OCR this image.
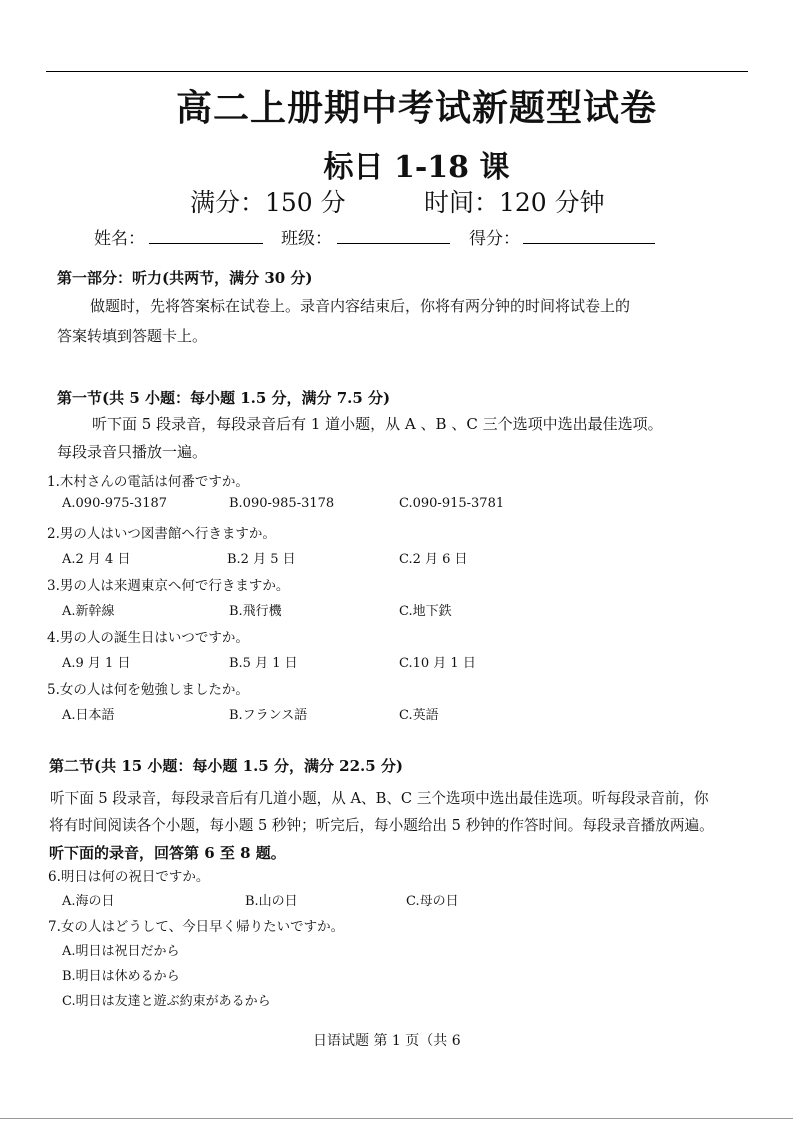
高二上册期中考试新题型试卷
标日 1-18 课
满分：150 分	时间：120 分钟
姓名：	班级：	得分：
第一部分：听力(共两节，满分 30 分)
做题时，先将答案标在试卷上。录音内容结束后，你将有两分钟的时间将试卷上的
答案转填到答题卡上。
第一节(共 5 小题：每小题 1.5 分，满分 7.5 分)
听下面 5 段录音，每段录音后有 1 道小题，从 A 、B 、C 三个选项中选出最佳选项。
每段录音只播放一遍。
1.木村さんの電話は何番ですか。
A.090-975-3187	B.090-985-3178	C.090-915-3781
2.男の人はいつ図書館へ行きますか。
A.2 月 4 日	B.2 月 5 日	C.2 月 6 日
3.男の人は来週東京へ何で行きますか。
A.新幹線	B.飛行機	C.地下鉄
4.男の人の誕生日はいつですか。
A.9 月 1 日	B.5 月 1 日	C.10 月 1 日
5.女の人は何を勉強しましたか。
A.日本語	B.フランス語	C.英語
第二节(共 15 小题：每小题 1.5 分，满分 22.5 分)
听下面 5 段录音，每段录音后有几道小题，从 A、B、C 三个选项中选出最佳选项。听每段录音前，你
将有时间阅读各个小题，每小题 5 秒钟；听完后，每小题给出 5 秒钟的作答时间。每段录音播放两遍。
听下面的录音，回答第 6 至 8 题。
6.明日は何の祝日ですか。
A.海の日	B.山の日	C.母の日
7.女の人はどうして、今日早く帰りたいですか。
A.明日は祝日だから
B.明日は休めるから
C.明日は友達と遊ぶ約束があるから
日语试题 第 1 页（共 6
